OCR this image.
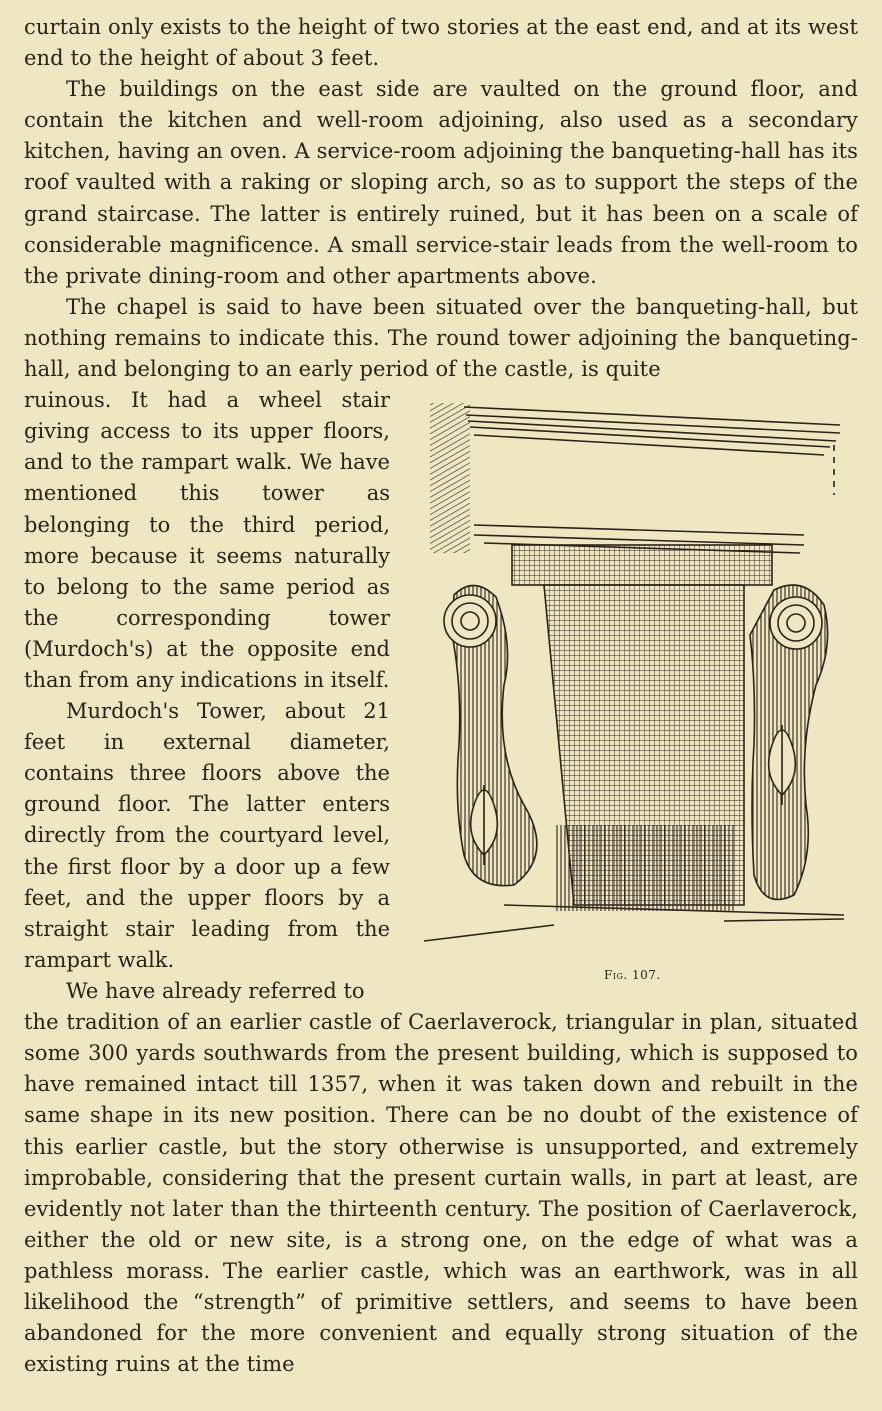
curtain only exists to the height of two stories at the east end, and at its west end to the height of about 3 feet.

The buildings on the east side are vaulted on the ground floor, and contain the kitchen and well-room adjoining, also used as a secondary kitchen, having an oven. A service-room adjoining the banqueting-hall has its roof vaulted with a raking or sloping arch, so as to support the steps of the grand staircase. The latter is entirely ruined, but it has been on a scale of considerable magnificence. A small service-stair leads from the well-room to the private dining-room and other apartments above.

The chapel is said to have been situated over the banqueting-hall, but nothing remains to indicate this. The round tower adjoining the banqueting-hall, and belonging to an early period of the castle, is quite

ruinous. It had a wheel stair giving access to its upper floors, and to the rampart walk. We have mentioned this tower as belonging to the third period, more because it seems naturally to belong to the same period as the corresponding tower (Murdoch's) at the opposite end than from any indications in itself.

Murdoch's Tower, about 21 feet in external diameter, contains three floors above the ground floor. The latter enters directly from the courtyard level, the first floor by a door up a few feet, and the upper floors by a straight stair leading from the rampart walk.

We have already referred to

Fig. 107.

the tradition of an earlier castle of Caerlaverock, triangular in plan, situated some 300 yards southwards from the present building, which is supposed to have remained intact till 1357, when it was taken down and rebuilt in the same shape in its new position. There can be no doubt of the existence of this earlier castle, but the story otherwise is unsupported, and extremely improbable, considering that the present curtain walls, in part at least, are evidently not later than the thirteenth century. The position of Caerlaverock, either the old or new site, is a strong one, on the edge of what was a pathless morass. The earlier castle, which was an earthwork, was in all likelihood the “strength” of primitive settlers, and seems to have been abandoned for the more convenient and equally strong situation of the existing ruins at the time
